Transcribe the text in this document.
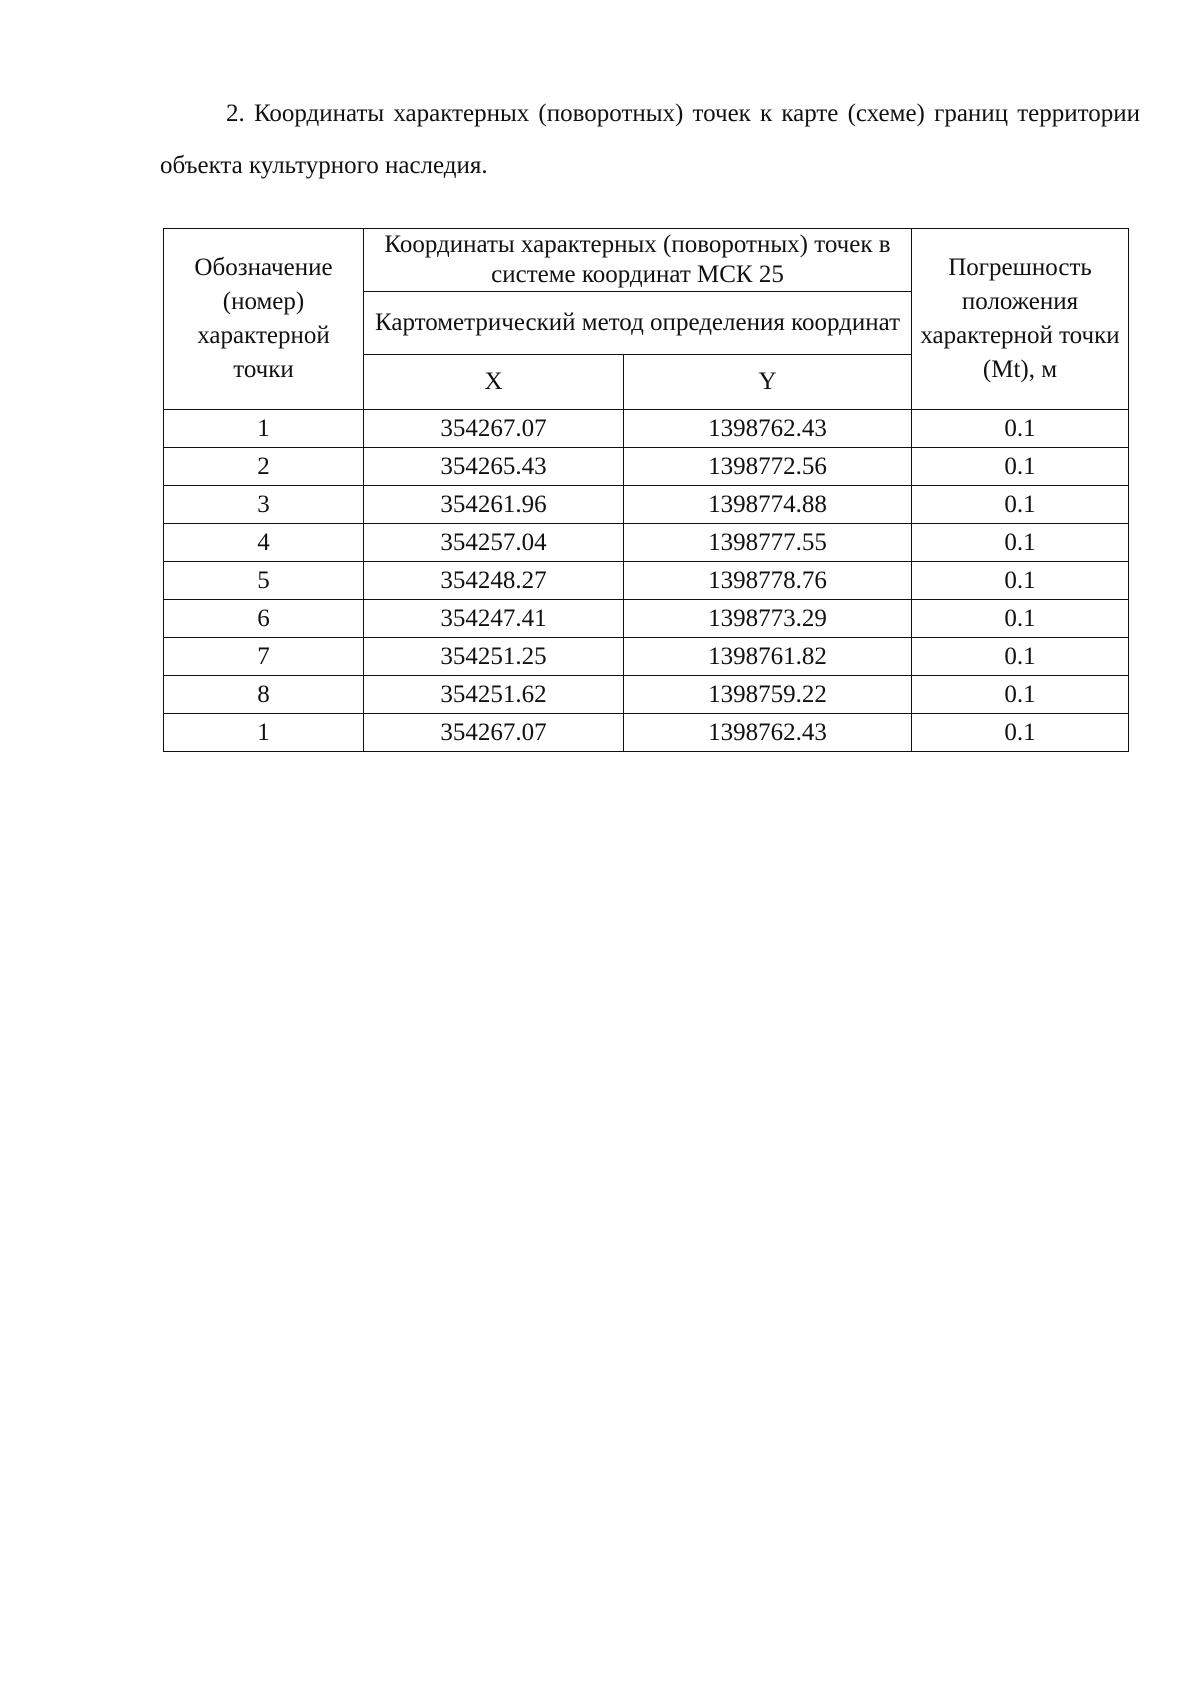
2. Координаты характерных (поворотных) точек к карте (схеме) границ территории объекта культурного наследия.

Обозначение (номер) характерной точки	Координаты характерных (поворотных) точек в системе координат МСК 25		Погрешность положения характерной точки (Mt), м
	Картометрический метод определения координат		
	X	Y	
1	354267.07	1398762.43	0.1
2	354265.43	1398772.56	0.1
3	354261.96	1398774.88	0.1
4	354257.04	1398777.55	0.1
5	354248.27	1398778.76	0.1
6	354247.41	1398773.29	0.1
7	354251.25	1398761.82	0.1
8	354251.62	1398759.22	0.1
1	354267.07	1398762.43	0.1
